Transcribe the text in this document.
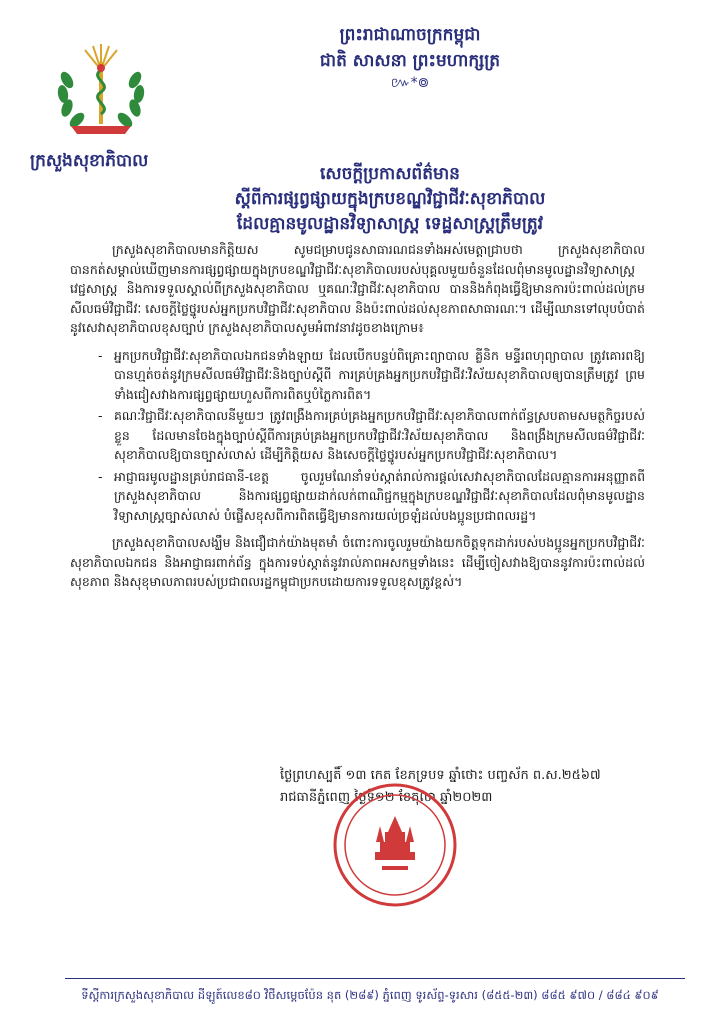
ព្រះរាជាណាចក្រកម្ពុជា
ជាតិ សាសនា ព្រះមហាក្សត្រ
៚*៙
ក្រសួងសុខាភិបាល
សេចក្តីប្រកាសព័ត៌មាន
ស្តីពីការផ្សព្វផ្សាយក្នុងក្របខណ្ឌវិជ្ជាជីវៈសុខាភិបាល
ដែលគ្មានមូលដ្ឋានវិទ្យាសាស្ត្រ ទេដ្ឋសាស្ត្រត្រឹមត្រូវ

ក្រសួងសុខាភិបាលមានកិត្តិយស សូមជម្រាបជូនសាធារណជនទាំងអស់មេត្តាជ្រាបថា ក្រសួងសុខាភិបាលបានកត់សម្គាល់ឃើញមានការផ្សព្វផ្សាយក្នុងក្របខណ្ឌវិជ្ជាជីវៈសុខាភិបាលរបស់បុគ្គលមួយចំនួនដែលពុំមានមូលដ្ឋានវិទ្យាសាស្ត្រ វេជ្ជសាស្ត្រ និងការទទួលស្គាល់ពីក្រសួងសុខាភិបាល ឬគណៈវិជ្ជាជីវៈសុខាភិបាល បាននិងកំពុងធ្វើឱ្យមានការប៉ះពាល់ដល់ក្រមសីលធម៌វិជ្ជាជីវៈ សេចក្តីថ្លៃថ្នូរបស់អ្នកប្រកបវិជ្ជាជីវៈសុខាភិបាល និងប៉ះពាល់ដល់សុខភាពសាធារណៈ។ ដើម្បីឈានទៅលុបបំបាត់នូវសេវាសុខាភិបាលខុសច្បាប់ ក្រសួងសុខាភិបាលសូមអំពាវនាវដូចខាងក្រោម៖

- អ្នកប្រកបវិជ្ជាជីវៈសុខាភិបាលឯកជនទាំងឡាយ ដែលបើកបន្ទប់ពិគ្រោះព្យាបាល គ្លីនិក មន្ទីរពហុព្យាបាល ត្រូវគោរពឱ្យបានហ្មត់ចត់នូវក្រមសីលធម៌វិជ្ជាជីវៈនិងច្បាប់ស្តីពី ការគ្រប់គ្រងអ្នកប្រកបវិជ្ជាជីវៈវិស័យសុខាភិបាលឲ្យបានត្រឹមត្រូវ ព្រមទាំងជៀសវាងការផ្សព្វផ្សាយហួសពីការពិតឬបំភ្លៃការពិត។
- គណៈវិជ្ជាជីវៈសុខាភិបាលនីមួយៗ ត្រូវពង្រឹងការគ្រប់គ្រងអ្នកប្រកបវិជ្ជាជីវៈសុខាភិបាលពាក់ព័ន្ធស្របតាមសមត្ថកិច្ចរបស់ខ្លួន ដែលមានចែងក្នុងច្បាប់ស្តីពីការគ្រប់គ្រងអ្នកប្រកបវិជ្ជាជីវៈវិស័យសុខាភិបាល និងពង្រឹងក្រមសីលធម៌វិជ្ជាជីវៈសុខាភិបាលឱ្យបានច្បាស់លាស់ ដើម្បីកិត្តិយស និងសេចក្តីថ្លៃថ្នូរបស់អ្នកប្រកបវិជ្ជាជីវៈសុខាភិបាល។
- អាជ្ញាធរមូលដ្ឋានគ្រប់រាជធានី-ខេត្ត ចូលរួមណែនាំទប់ស្កាត់រាល់ការផ្តល់សេវាសុខាភិបាលដែលគ្មានការអនុញ្ញាតពីក្រសួងសុខាភិបាល និងការផ្សព្វផ្សាយដាក់លក់ពាណិជ្ជកម្មក្នុងក្របខណ្ឌវិជ្ជាជីវៈសុខាភិបាលដែលពុំមានមូលដ្ឋានវិទ្យាសាស្ត្រច្បាស់លាស់ បំផ្លើសខុសពីការពិតធ្វើឱ្យមានការយល់ច្រឡំដល់បងប្អូនប្រជាពលរដ្ឋ។

ក្រសួងសុខាភិបាលសង្ឃឹម និងជឿជាក់យ៉ាងមុតមាំ ចំពោះការចូលរួមយ៉ាងយកចិត្តទុកដាក់របស់បងប្អូនអ្នកប្រកបវិជ្ជាជីវៈសុខាភិបាលឯកជន និងអាជ្ញាធរពាក់ព័ន្ធ ក្នុងការទប់ស្កាត់នូវរាល់ភាពអសកម្មទាំងនេះ ដើម្បីចៀសវាងឱ្យបាននូវការប៉ះពាល់ដល់សុខភាព និងសុខុមាលភាពរបស់ប្រជាពលរដ្ឋកម្ពុជាប្រកបដោយការទទួលខុសត្រូវខ្ពស់។

ថ្ងៃព្រហស្បតិ៍ ១៣ កេត ខែភទ្របទ ឆ្នាំថោះ បញ្ចស័ក ព.ស.២៥៦៧
រាជធានីភ្នំពេញ ថ្ងៃទី១២ ខែតុលា ឆ្នាំ២០២៣
ទីស្តីការក្រសួងសុខាភិបាល ដីឡូត៍លេខ៨០ វិថីសម្តេចប៉ែន នុត (២៨៩) ភ្នំពេញ ទូរស័ព្ទ-ទូរសារ (៨៥៥-២៣) ៨៨៥ ៩៧០ / ៨៨៤ ៩០៩
